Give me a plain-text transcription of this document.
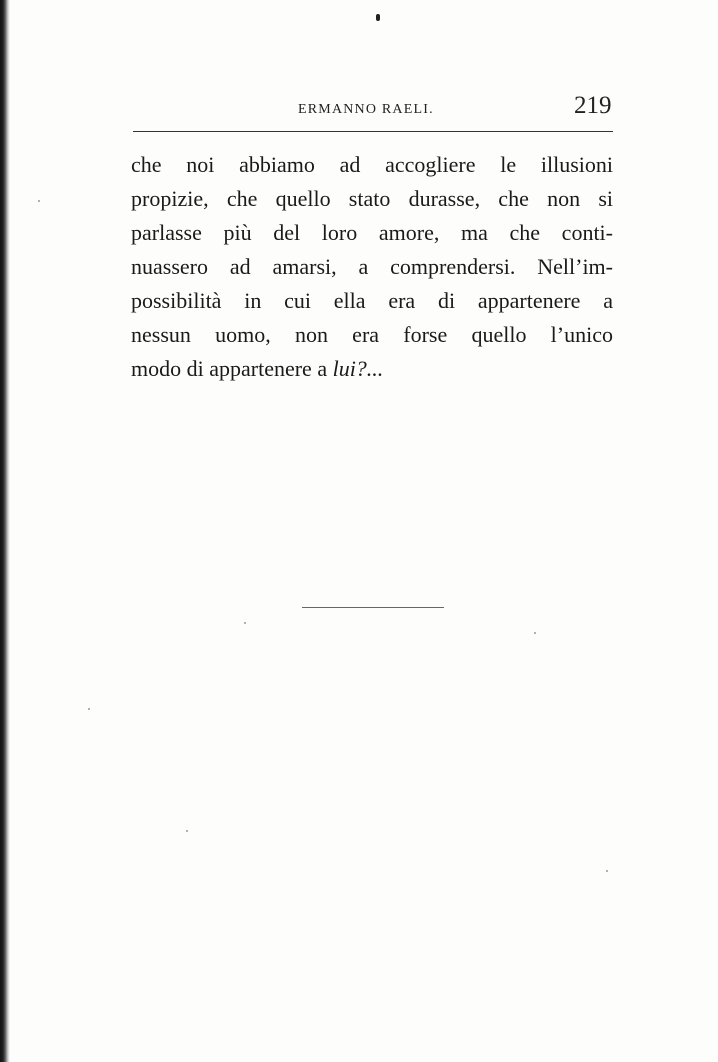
ERMANNO RAELI.	219
che noi abbiamo ad accogliere le illusioni
propizie, che quello stato durasse, che non si
parlasse più del loro amore, ma che conti-
nuassero ad amarsi, a comprendersi. Nell’im-
possibilità in cui ella era di appartenere a
nessun uomo, non era forse quello l’unico
modo di appartenere a lui?...
